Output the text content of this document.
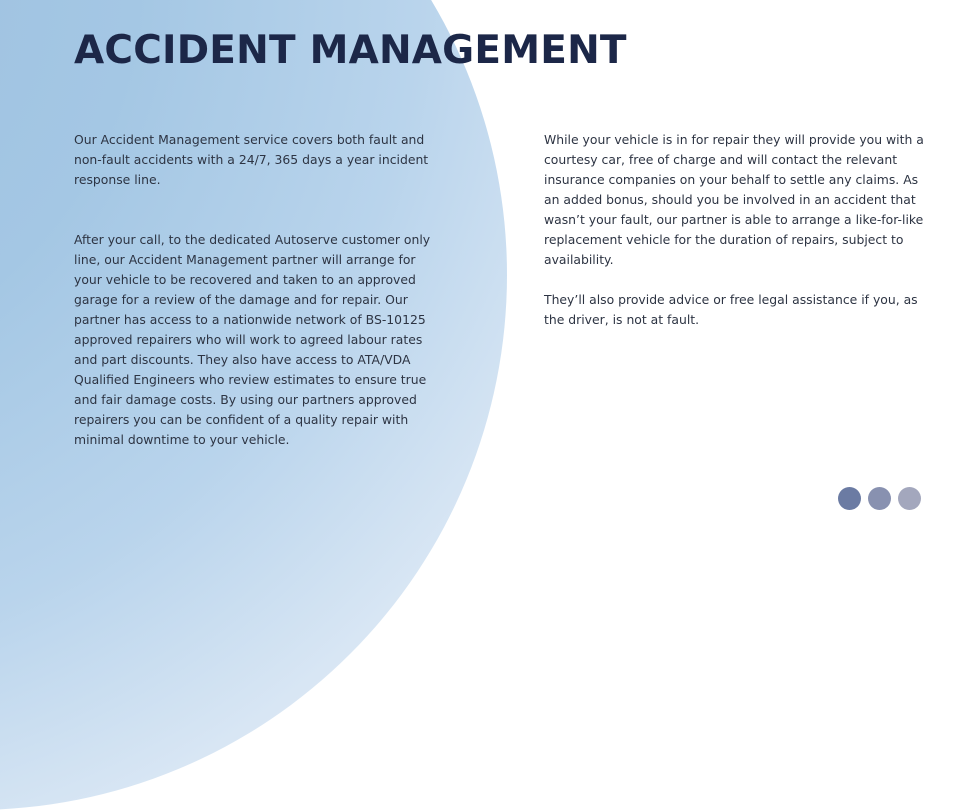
ACCIDENT MANAGEMENT

Our Accident Management service covers both fault and non-fault accidents with a 24/7, 365 days a year incident response line.

After your call, to the dedicated Autoserve customer only line, our Accident Management partner will arrange for your vehicle to be recovered and taken to an approved garage for a review of the damage and for repair. Our partner has access to a nationwide network of BS-10125 approved repairers who will work to agreed labour rates and part discounts. They also have access to ATA/VDA Qualified Engineers who review estimates to ensure true and fair damage costs. By using our partners approved repairers you can be confident of a quality repair with minimal downtime to your vehicle.

While your vehicle is in for repair they will provide you with a courtesy car, free of charge and will contact the relevant insurance companies on your behalf to settle any claims. As an added bonus, should you be involved in an accident that wasn’t your fault, our partner is able to arrange a like-for-like replacement vehicle for the duration of repairs, subject to availability.

They’ll also provide advice or free legal assistance if you, as the driver, is not at fault.
